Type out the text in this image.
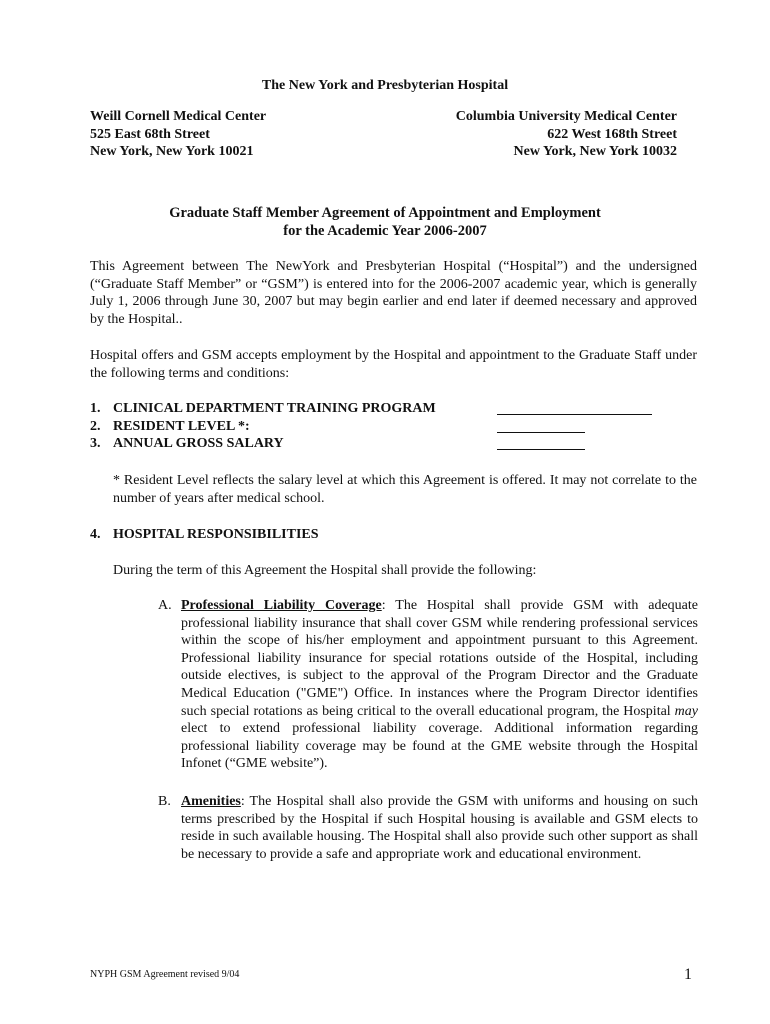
The New York and Presbyterian Hospital
Weill Cornell Medical Center
525 East 68th Street
New York, New York 10021
Columbia University Medical Center
622 West 168th Street
New York, New York 10032
Graduate Staff Member Agreement of Appointment and Employment
for the Academic Year 2006-2007

This Agreement between The NewYork and Presbyterian Hospital (“Hospital”) and the undersigned (“Graduate Staff Member” or “GSM”) is entered into for the 2006-2007 academic year, which is generally July 1, 2006 through June 30, 2007 but may begin earlier and end later if deemed necessary and approved by the Hospital..

Hospital offers and GSM accepts employment by the Hospital and appointment to the Graduate Staff under the following terms and conditions:

1. CLINICAL DEPARTMENT TRAINING PROGRAM
2. RESIDENT LEVEL *:
3. ANNUAL GROSS SALARY

* Resident Level reflects the salary level at which this Agreement is offered. It may not correlate to the number of years after medical school.

4. HOSPITAL RESPONSIBILITIES

During the term of this Agreement the Hospital shall provide the following:

A. Professional Liability Coverage: The Hospital shall provide GSM with adequate professional liability insurance that shall cover GSM while rendering professional services within the scope of his/her employment and appointment pursuant to this Agreement. Professional liability insurance for special rotations outside of the Hospital, including outside electives, is subject to the approval of the Program Director and the Graduate Medical Education ("GME") Office. In instances where the Program Director identifies such special rotations as being critical to the overall educational program, the Hospital may elect to extend professional liability coverage. Additional information regarding professional liability coverage may be found at the GME website through the Hospital Infonet (“GME website”).
B. Amenities: The Hospital shall also provide the GSM with uniforms and housing on such terms prescribed by the Hospital if such Hospital housing is available and GSM elects to reside in such available housing. The Hospital shall also provide such other support as shall be necessary to provide a safe and appropriate work and educational environment.
NYPH GSM Agreement revised 9/04	1
